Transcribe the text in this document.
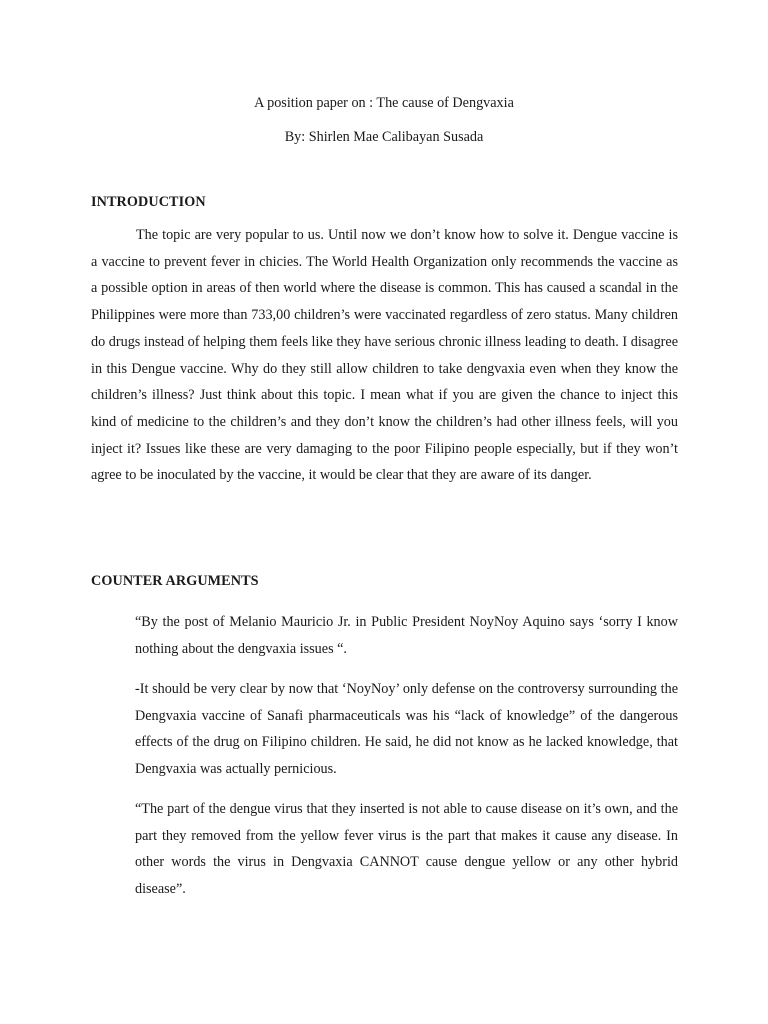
A position paper on : The cause of Dengvaxia

By: Shirlen Mae Calibayan Susada

INTRODUCTION

The topic are very popular to us. Until now we don’t know how to solve it. Dengue vaccine is a vaccine to prevent fever in chicies. The World Health Organization only recommends the vaccine as a possible option in areas of then world where the disease is common. This has caused a scandal in the Philippines were more than 733,00 children’s were vaccinated regardless of zero status. Many children do drugs instead of helping them feels like they have serious chronic illness leading to death. I disagree in this Dengue vaccine. Why do they still allow children to take dengvaxia even when they know the children’s illness? Just think about this topic. I mean what if you are given the chance to inject this kind of medicine to the children’s and they don’t know the children’s had other illness feels, will you inject it? Issues like these are very damaging to the poor Filipino people especially, but if they won’t agree to be inoculated by the vaccine, it would be clear that they are aware of its danger.

COUNTER ARGUMENTS

“By the post of Melanio Mauricio Jr. in Public President NoyNoy Aquino says ‘sorry I know nothing about the dengvaxia issues “.

-It should be very clear by now that ‘NoyNoy’ only defense on the controversy surrounding the Dengvaxia vaccine of Sanafi pharmaceuticals was his “lack of knowledge” of the dangerous effects of the drug on Filipino children. He said, he did not know as he lacked knowledge, that Dengvaxia was actually pernicious.

“The part of the dengue virus that they inserted is not able to cause disease on it’s own, and the part they removed from the yellow fever virus is the part that makes it cause any disease. In other words the virus in Dengvaxia CANNOT cause dengue yellow or any other hybrid disease”.
